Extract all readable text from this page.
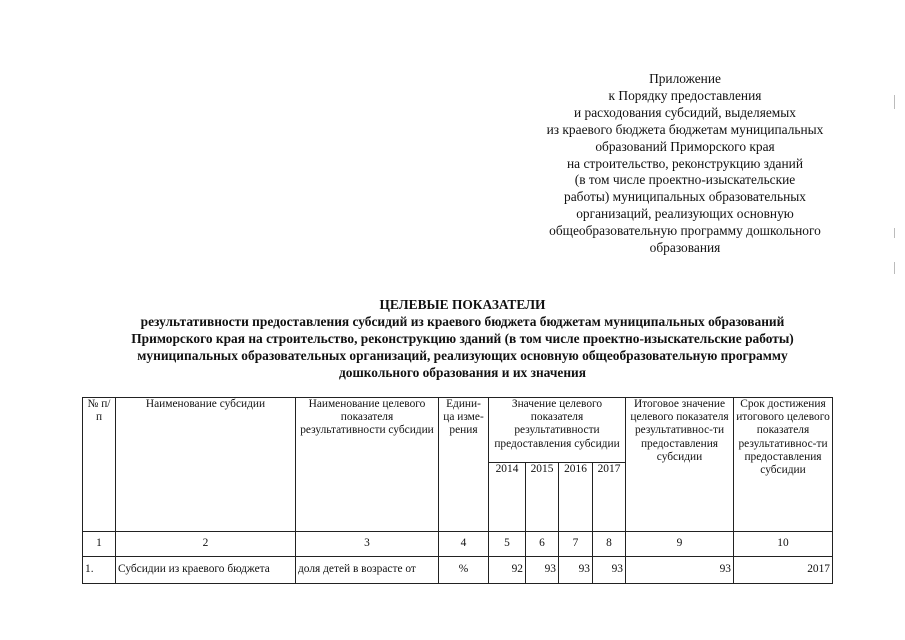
Приложение
к Порядку предоставления
и расходования субсидий, выделяемых
из краевого бюджета бюджетам муниципальных
образований Приморского края
на строительство, реконструкцию зданий
(в том числе проектно-изыскательские
работы) муниципальных образовательных
организаций, реализующих основную
общеобразовательную программу дошкольного
образования
ЦЕЛЕВЫЕ ПОКАЗАТЕЛИ
результативности предоставления субсидий из краевого бюджета бюджетам муниципальных образований
Приморского края на строительство, реконструкцию зданий (в том числе проектно-изыскательские работы)
муниципальных образовательных организаций, реализующих основную общеобразовательную программу
дошкольного образования и их значения
№ п/п	Наименование субсидии	Наименование целевого показателя результативности субсидии	Едини-ца изме-рения	Значение целевого показателя результативности предоставления субсидии				Итоговое значение целевого показателя результативнос-ти предоставления субсидии	Срок достижения итогового целевого показателя результативнос-ти предоставления субсидии
				2014	2015	2016	2017		
1	2	3	4	5	6	7	8	9	10
1.	Субсидии из краевого бюджета	доля детей в возрасте от	%	92	93	93	93	93	2017
